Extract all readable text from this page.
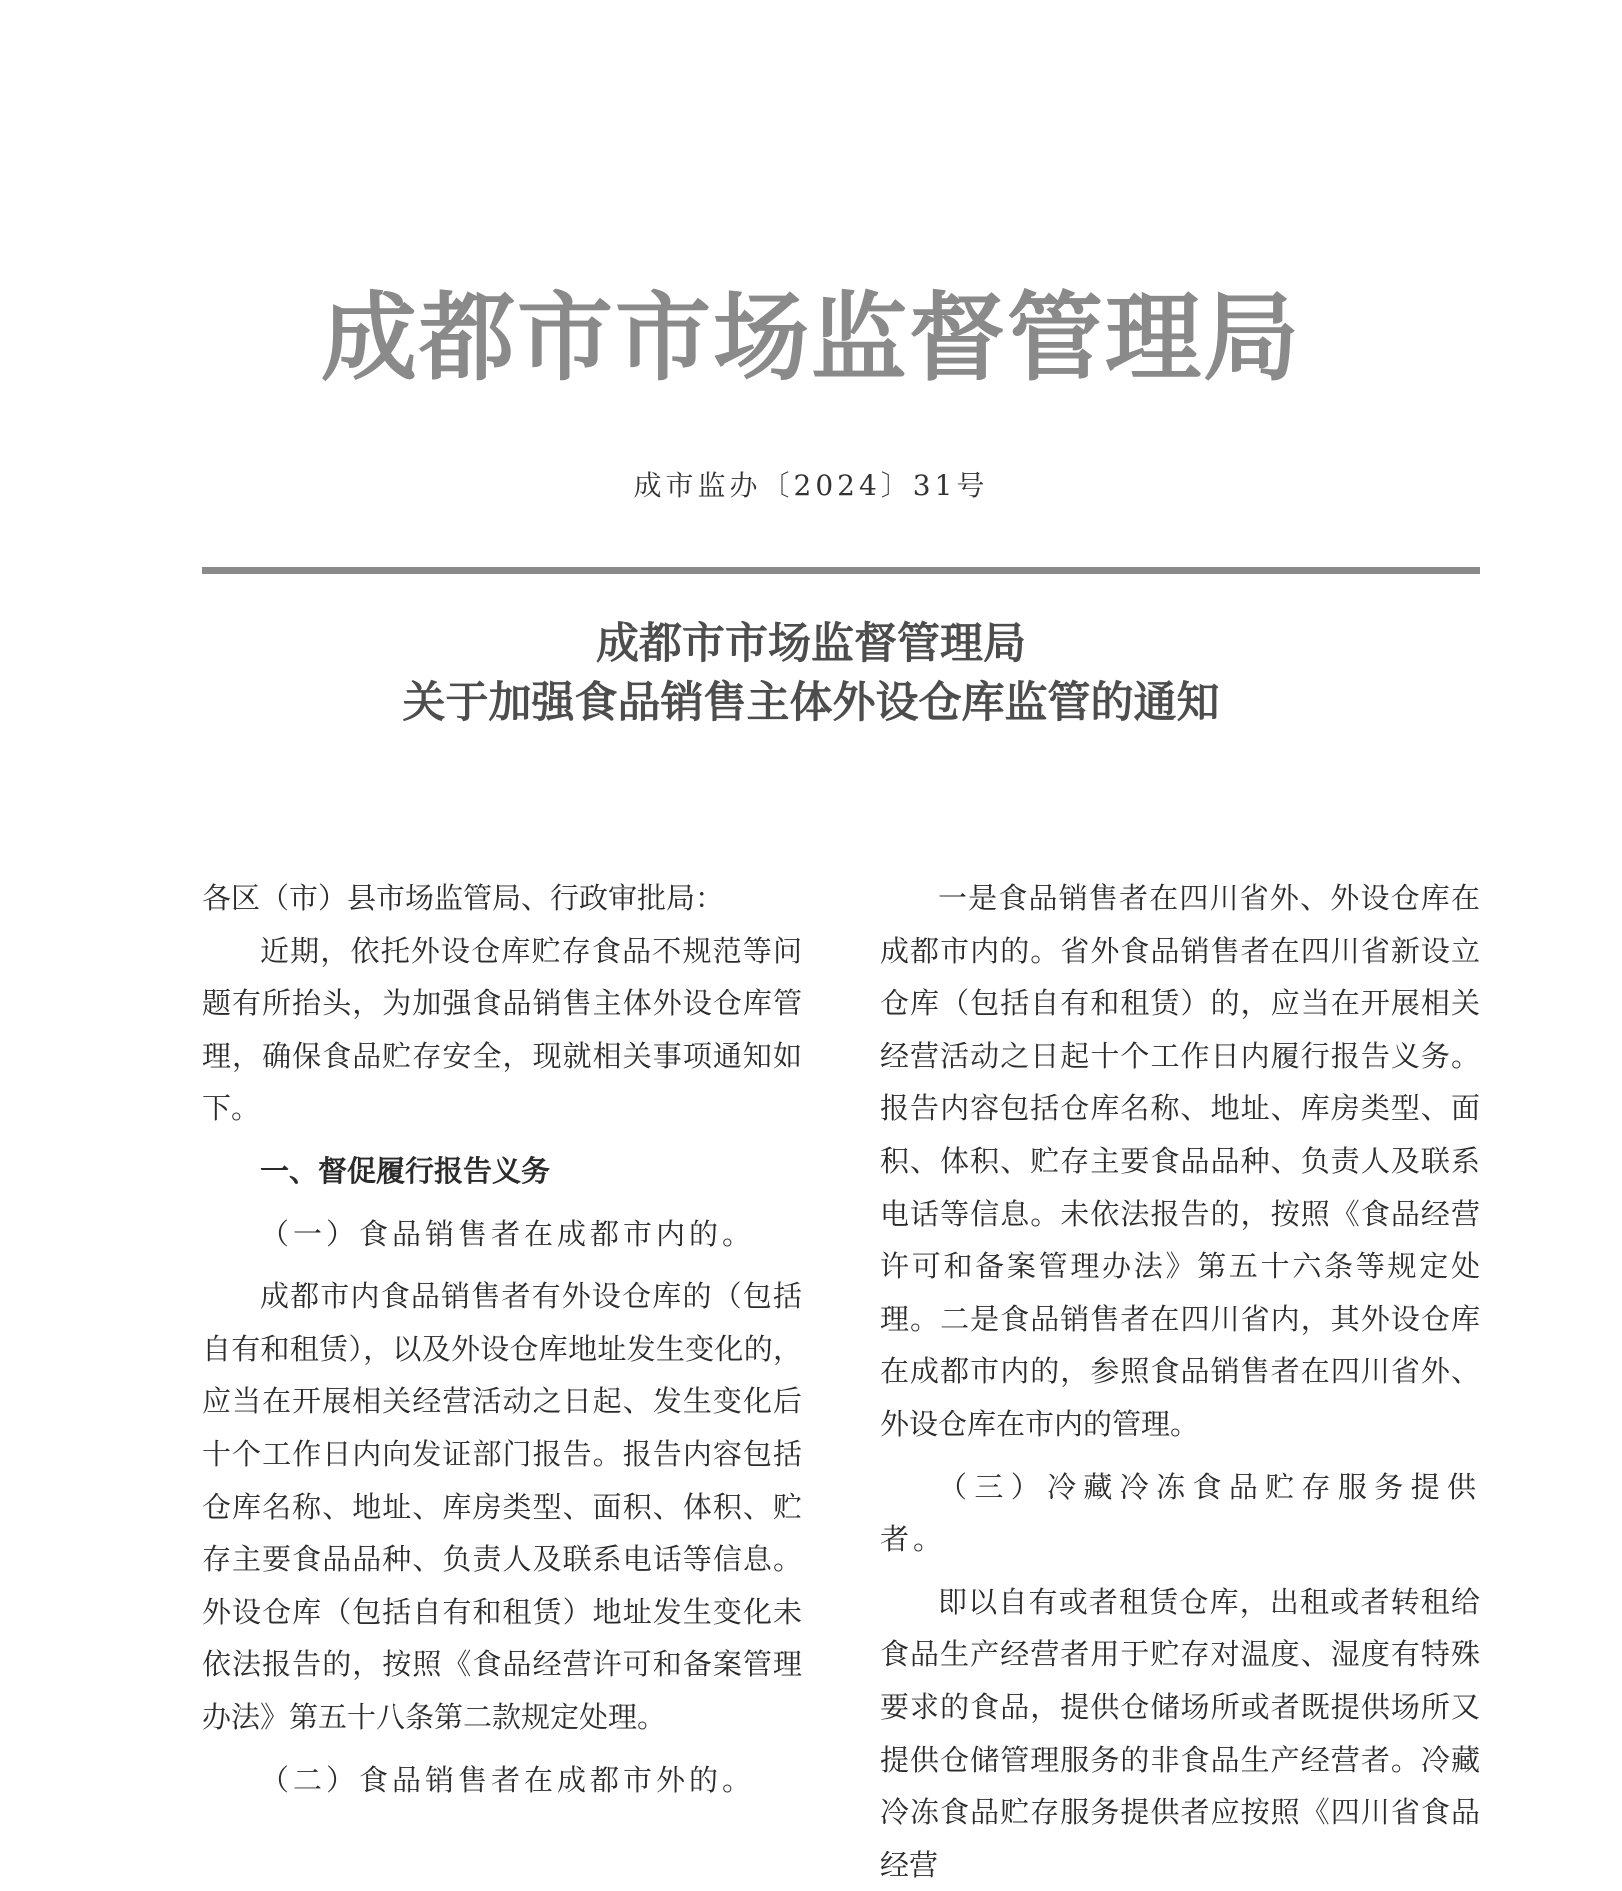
成都市市场监督管理局
成市监办〔2024〕31号
成都市市场监督管理局
关于加强食品销售主体外设仓库监管的通知

各区（市）县市场监管局、行政审批局：

近期，依托外设仓库贮存食品不规范等问题有所抬头，为加强食品销售主体外设仓库管理，确保食品贮存安全，现就相关事项通知如下。

一、督促履行报告义务

（一）食品销售者在成都市内的。

成都市内食品销售者有外设仓库的（包括自有和租赁），以及外设仓库地址发生变化的，应当在开展相关经营活动之日起、发生变化后十个工作日内向发证部门报告。报告内容包括仓库名称、地址、库房类型、面积、体积、贮存主要食品品种、负责人及联系电话等信息。外设仓库（包括自有和租赁）地址发生变化未依法报告的，按照《食品经营许可和备案管理办法》第五十八条第二款规定处理。

（二）食品销售者在成都市外的。

一是食品销售者在四川省外、外设仓库在成都市内的。省外食品销售者在四川省新设立仓库（包括自有和租赁）的，应当在开展相关经营活动之日起十个工作日内履行报告义务。报告内容包括仓库名称、地址、库房类型、面积、体积、贮存主要食品品种、负责人及联系电话等信息。未依法报告的，按照《食品经营许可和备案管理办法》第五十六条等规定处理。二是食品销售者在四川省内，其外设仓库在成都市内的，参照食品销售者在四川省外、外设仓库在市内的管理。

（三）冷藏冷冻食品贮存服务提供者。

即以自有或者租赁仓库，出租或者转租给食品生产经营者用于贮存对温度、湿度有特殊要求的食品，提供仓储场所或者既提供场所又提供仓储管理服务的非食品生产经营者。冷藏冷冻食品贮存服务提供者应按照《四川省食品经营
